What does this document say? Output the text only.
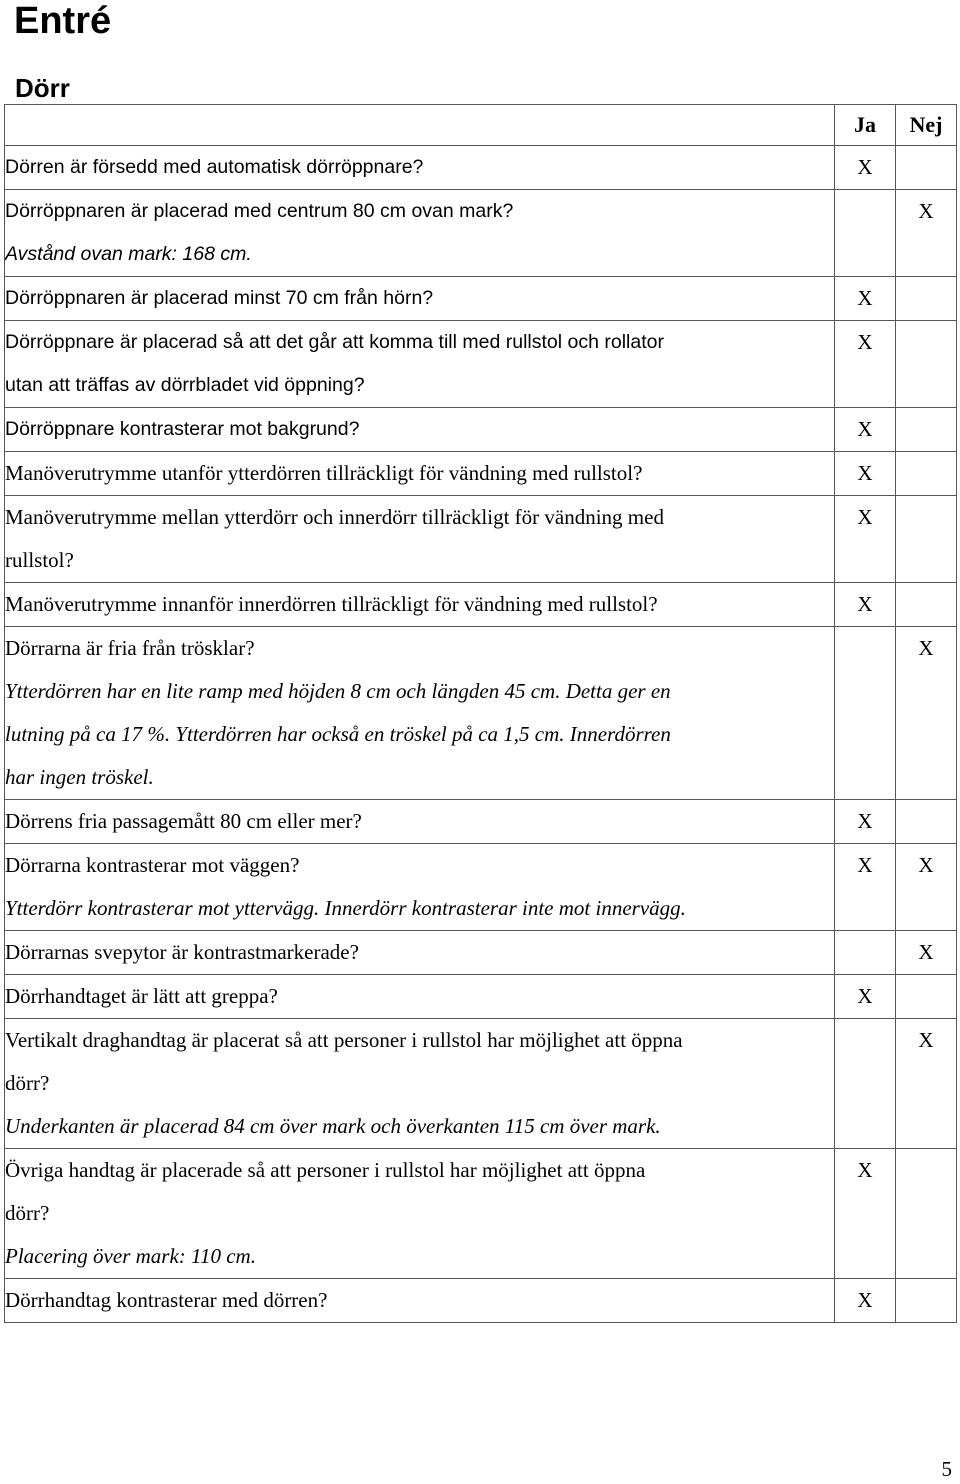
Entré
Dörr
	Ja	Nej

Dörren är försedd med automatisk dörröppnare?	X	

Dörröppnaren är placerad med centrum 80 cm ovan mark?
Avstånd ovan mark: 168 cm.		X

Dörröppnaren är placerad minst 70 cm från hörn?	X	

Dörröppnare är placerad så att det går att komma till med rullstol och rollator
utan att träffas av dörrbladet vid öppning?	X	

Dörröppnare kontrasterar mot bakgrund?	X	

Manöverutrymme utanför ytterdörren tillräckligt för vändning med rullstol?	X	

Manöverutrymme mellan ytterdörr och innerdörr tillräckligt för vändning med
rullstol?	X	

Manöverutrymme innanför innerdörren tillräckligt för vändning med rullstol?	X	

Dörrarna är fria från trösklar?
Ytterdörren har en lite ramp med höjden 8 cm och längden 45 cm. Detta ger en
lutning på ca 17 %. Ytterdörren har också en tröskel på ca 1,5 cm. Innerdörren
har ingen tröskel.		X

Dörrens fria passagemått 80 cm eller mer?	X	

Dörrarna kontrasterar mot väggen?
Ytterdörr kontrasterar mot yttervägg. Innerdörr kontrasterar inte mot innervägg.	X	X

Dörrarnas svepytor är kontrastmarkerade?		X

Dörrhandtaget är lätt att greppa?	X	

Vertikalt draghandtag är placerat så att personer i rullstol har möjlighet att öppna
dörr?
Underkanten är placerad 84 cm över mark och överkanten 115 cm över mark.		X

Övriga handtag är placerade så att personer i rullstol har möjlighet att öppna
dörr?
Placering över mark: 110 cm.	X	

Dörrhandtag kontrasterar med dörren?	X	
5
